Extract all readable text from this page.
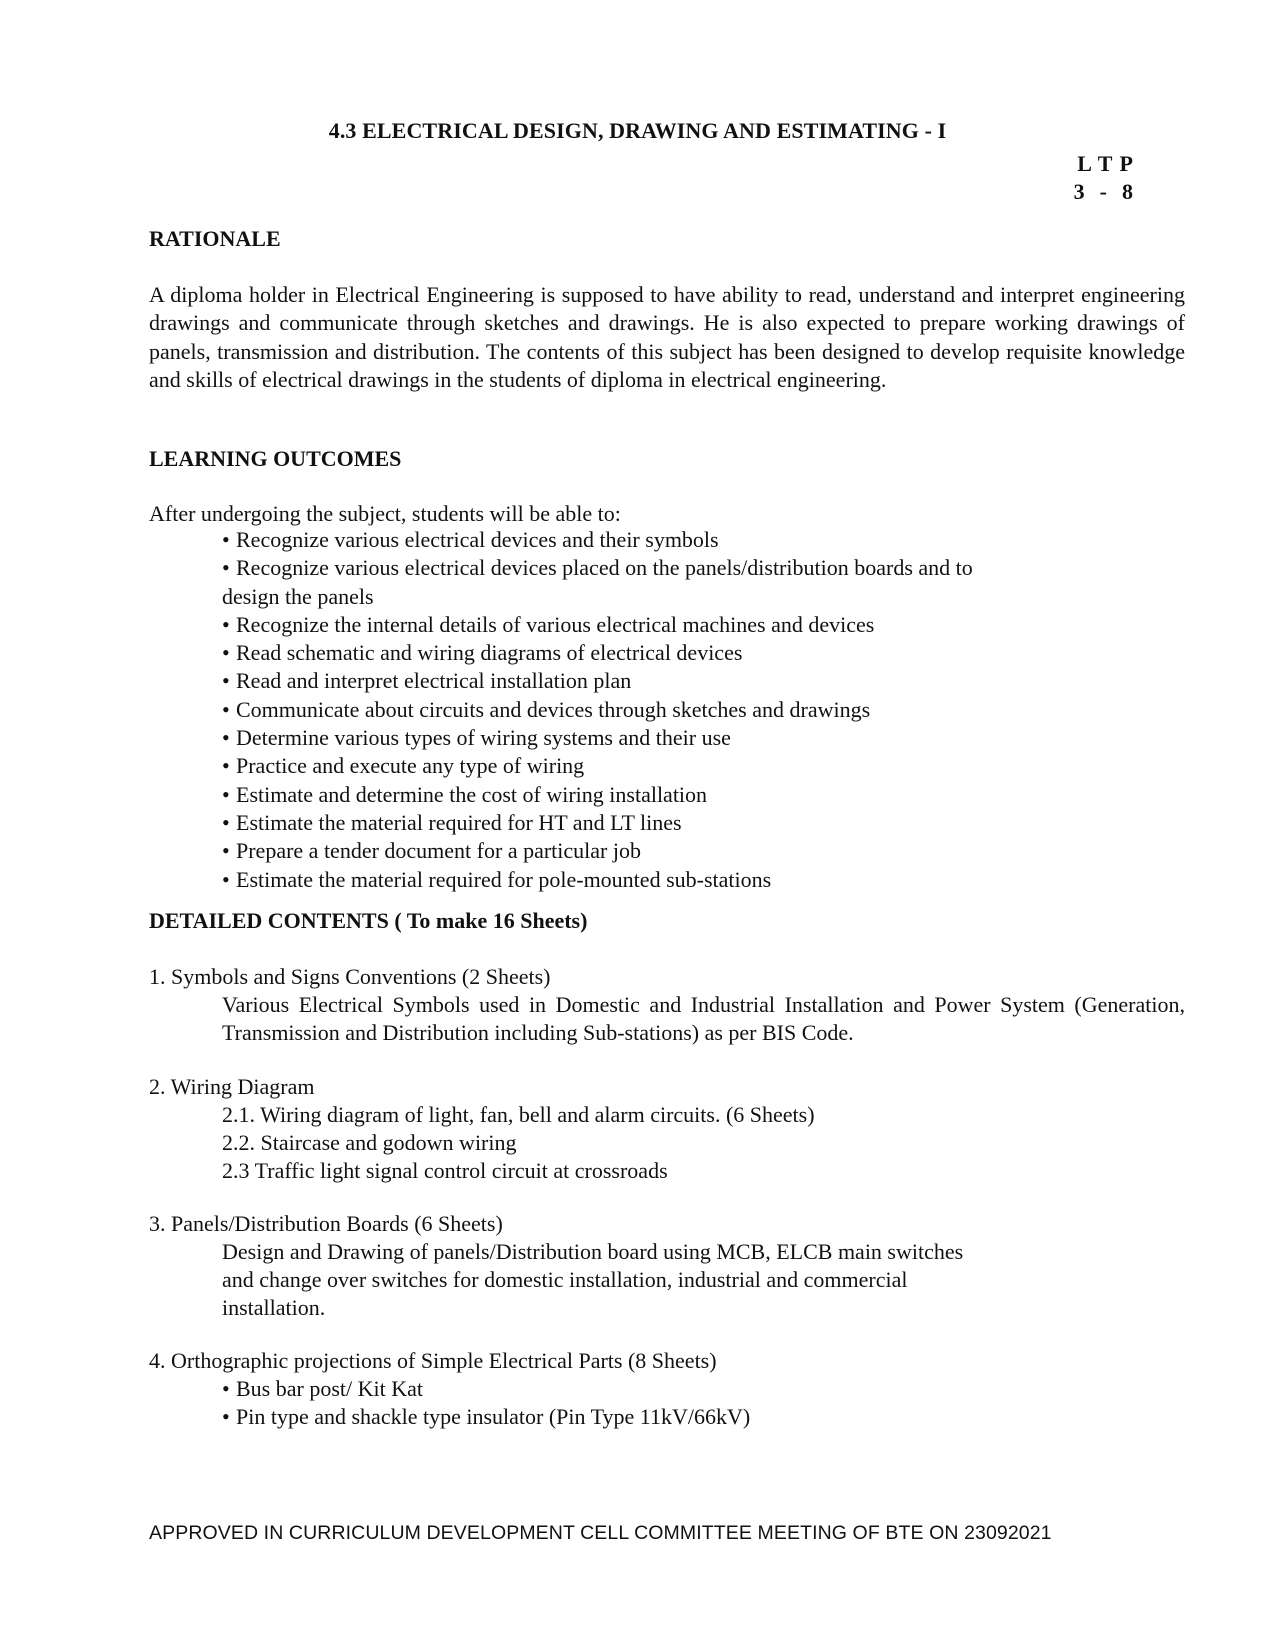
4.3 ELECTRICAL DESIGN, DRAWING AND ESTIMATING - I
L T P
3  -  8
RATIONALE
A diploma holder in Electrical Engineering is supposed to have ability to read, understand and interpret engineering drawings and communicate through sketches and drawings. He is also expected to prepare working drawings of panels, transmission and distribution. The contents of this subject has been designed to develop requisite knowledge and skills of electrical drawings in the students of diploma in electrical engineering.
LEARNING OUTCOMES
After undergoing the subject, students will be able to:
• Recognize various electrical devices and their symbols
• Recognize various electrical devices placed on the panels/distribution boards and to
design the panels
• Recognize the internal details of various electrical machines and devices
• Read schematic and wiring diagrams of electrical devices
• Read and interpret electrical installation plan
• Communicate about circuits and devices through sketches and drawings
• Determine various types of wiring systems and their use
• Practice and execute any type of wiring
• Estimate and determine the cost of wiring installation
• Estimate the material required for HT and LT lines
• Prepare a tender document for a particular job
• Estimate the material required for pole-mounted sub-stations
DETAILED CONTENTS ( To make 16 Sheets)
1. Symbols and Signs Conventions (2 Sheets)
Various Electrical Symbols used in Domestic and Industrial Installation and Power System (Generation, Transmission and Distribution including Sub-stations) as per BIS Code.
2. Wiring Diagram
2.1. Wiring diagram of light, fan, bell and alarm circuits. (6 Sheets)
2.2. Staircase and godown wiring
2.3 Traffic light signal control circuit at crossroads
3. Panels/Distribution Boards (6 Sheets)
Design and Drawing of panels/Distribution board using MCB, ELCB main switches
and change over switches for domestic installation, industrial and commercial
installation.
4. Orthographic projections of Simple Electrical Parts (8 Sheets)
• Bus bar post/ Kit Kat
• Pin type and shackle type insulator (Pin Type 11kV/66kV)
APPROVED IN CURRICULUM DEVELOPMENT CELL COMMITTEE MEETING OF BTE ON 23092021
